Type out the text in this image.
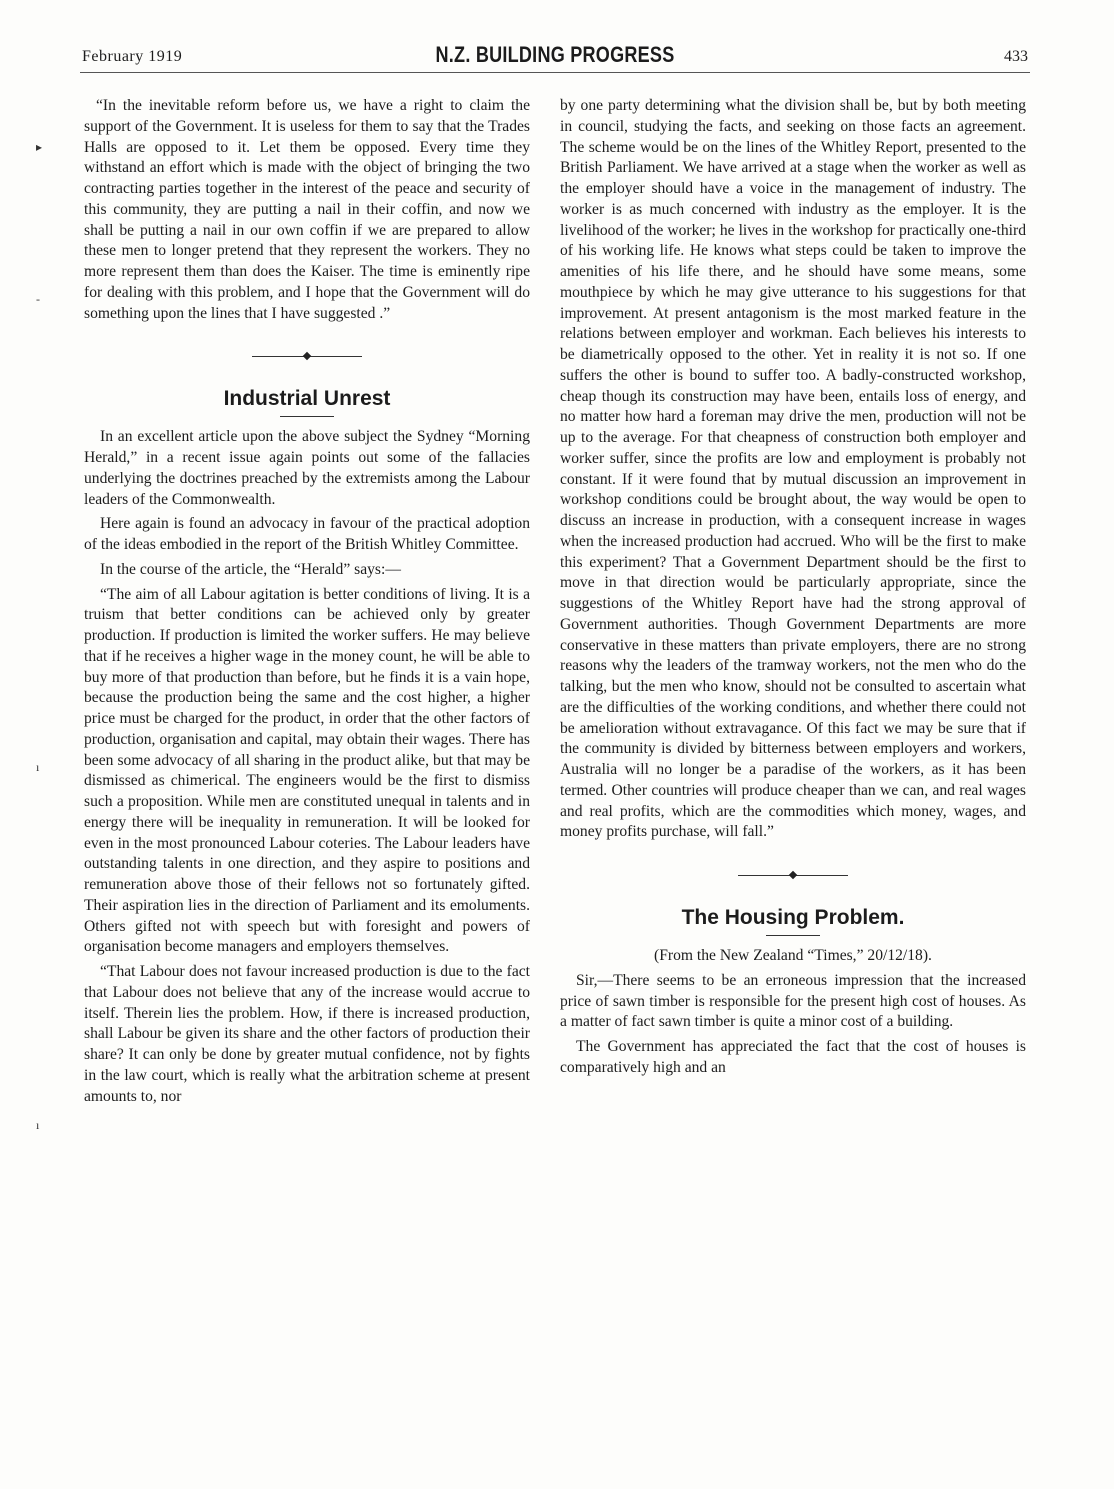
February 1919	N.Z. BUILDING PROGRESS	433
▸
-
ı
ı

“In the inevitable reform before us, we have a right to claim the support of the Government. It is useless for them to say that the Trades Halls are opposed to it. Let them be opposed. Every time they withstand an effort which is made with the object of bringing the two contracting parties together in the interest of the peace and security of this community, they are putting a nail in their coffin, and now we shall be putting a nail in our own coffin if we are prepared to allow these men to longer pretend that they represent the workers. They no more represent them than does the Kaiser. The time is eminently ripe for dealing with this problem, and I hope that the Government will do something upon the lines that I have suggested .”

Industrial Unrest

In an excellent article upon the above subject the Sydney “Morning Herald,” in a recent issue again points out some of the fallacies underlying the doctrines preached by the extremists among the Labour leaders of the Commonwealth.

Here again is found an advocacy in favour of the practical adoption of the ideas embodied in the report of the British Whitley Committee.

In the course of the article, the “Herald” says:—

“The aim of all Labour agitation is better conditions of living. It is a truism that better conditions can be achieved only by greater production. If production is limited the worker suffers. He may believe that if he receives a higher wage in the money count, he will be able to buy more of that production than before, but he finds it is a vain hope, because the production being the same and the cost higher, a higher price must be charged for the product, in order that the other factors of production, organisation and capital, may obtain their wages. There has been some advocacy of all sharing in the product alike, but that may be dismissed as chimerical. The engineers would be the first to dismiss such a proposition. While men are constituted unequal in talents and in energy there will be inequality in remuneration. It will be looked for even in the most pronounced Labour coteries. The Labour leaders have outstanding talents in one direction, and they aspire to positions and remuneration above those of their fellows not so fortunately gifted. Their aspiration lies in the direction of Parliament and its emoluments. Others gifted not with speech but with foresight and powers of organisation become managers and employers themselves.

“That Labour does not favour increased production is due to the fact that Labour does not believe that any of the increase would accrue to itself. Therein lies the problem. How, if there is increased production, shall Labour be given its share and the other factors of production their share? It can only be done by greater mutual confidence, not by fights in the law court, which is really what the arbitration scheme at present amounts to, nor

by one party determining what the division shall be, but by both meeting in council, studying the facts, and seeking on those facts an agreement. The scheme would be on the lines of the Whitley Report, presented to the British Parliament. We have arrived at a stage when the worker as well as the employer should have a voice in the management of industry. The worker is as much concerned with industry as the employer. It is the livelihood of the worker; he lives in the workshop for practically one-third of his working life. He knows what steps could be taken to improve the amenities of his life there, and he should have some means, some mouthpiece by which he may give utterance to his suggestions for that improvement. At present antagonism is the most marked feature in the relations between employer and workman. Each believes his interests to be diametrically opposed to the other. Yet in reality it is not so. If one suffers the other is bound to suffer too. A badly-constructed workshop, cheap though its construction may have been, entails loss of energy, and no matter how hard a foreman may drive the men, production will not be up to the average. For that cheapness of construction both employer and worker suffer, since the profits are low and employment is probably not constant. If it were found that by mutual discussion an improvement in workshop conditions could be brought about, the way would be open to discuss an increase in production, with a consequent increase in wages when the increased production had accrued. Who will be the first to make this experiment? That a Government Department should be the first to move in that direction would be particularly appropriate, since the suggestions of the Whitley Report have had the strong approval of Government authorities. Though Government Departments are more conservative in these matters than private employers, there are no strong reasons why the leaders of the tramway workers, not the men who do the talking, but the men who know, should not be consulted to ascertain what are the difficulties of the working conditions, and whether there could not be amelioration without extravagance. Of this fact we may be sure that if the community is divided by bitterness between employers and workers, Australia will no longer be a paradise of the workers, as it has been termed. Other countries will produce cheaper than we can, and real wages and real profits, which are the commodities which money, wages, and money profits purchase, will fall.”

The Housing Problem.

(From the New Zealand “Times,” 20/12/18).

Sir,—There seems to be an erroneous impression that the increased price of sawn timber is responsible for the present high cost of houses. As a matter of fact sawn timber is quite a minor cost of a building.

The Government has appreciated the fact that the cost of houses is comparatively high and an
